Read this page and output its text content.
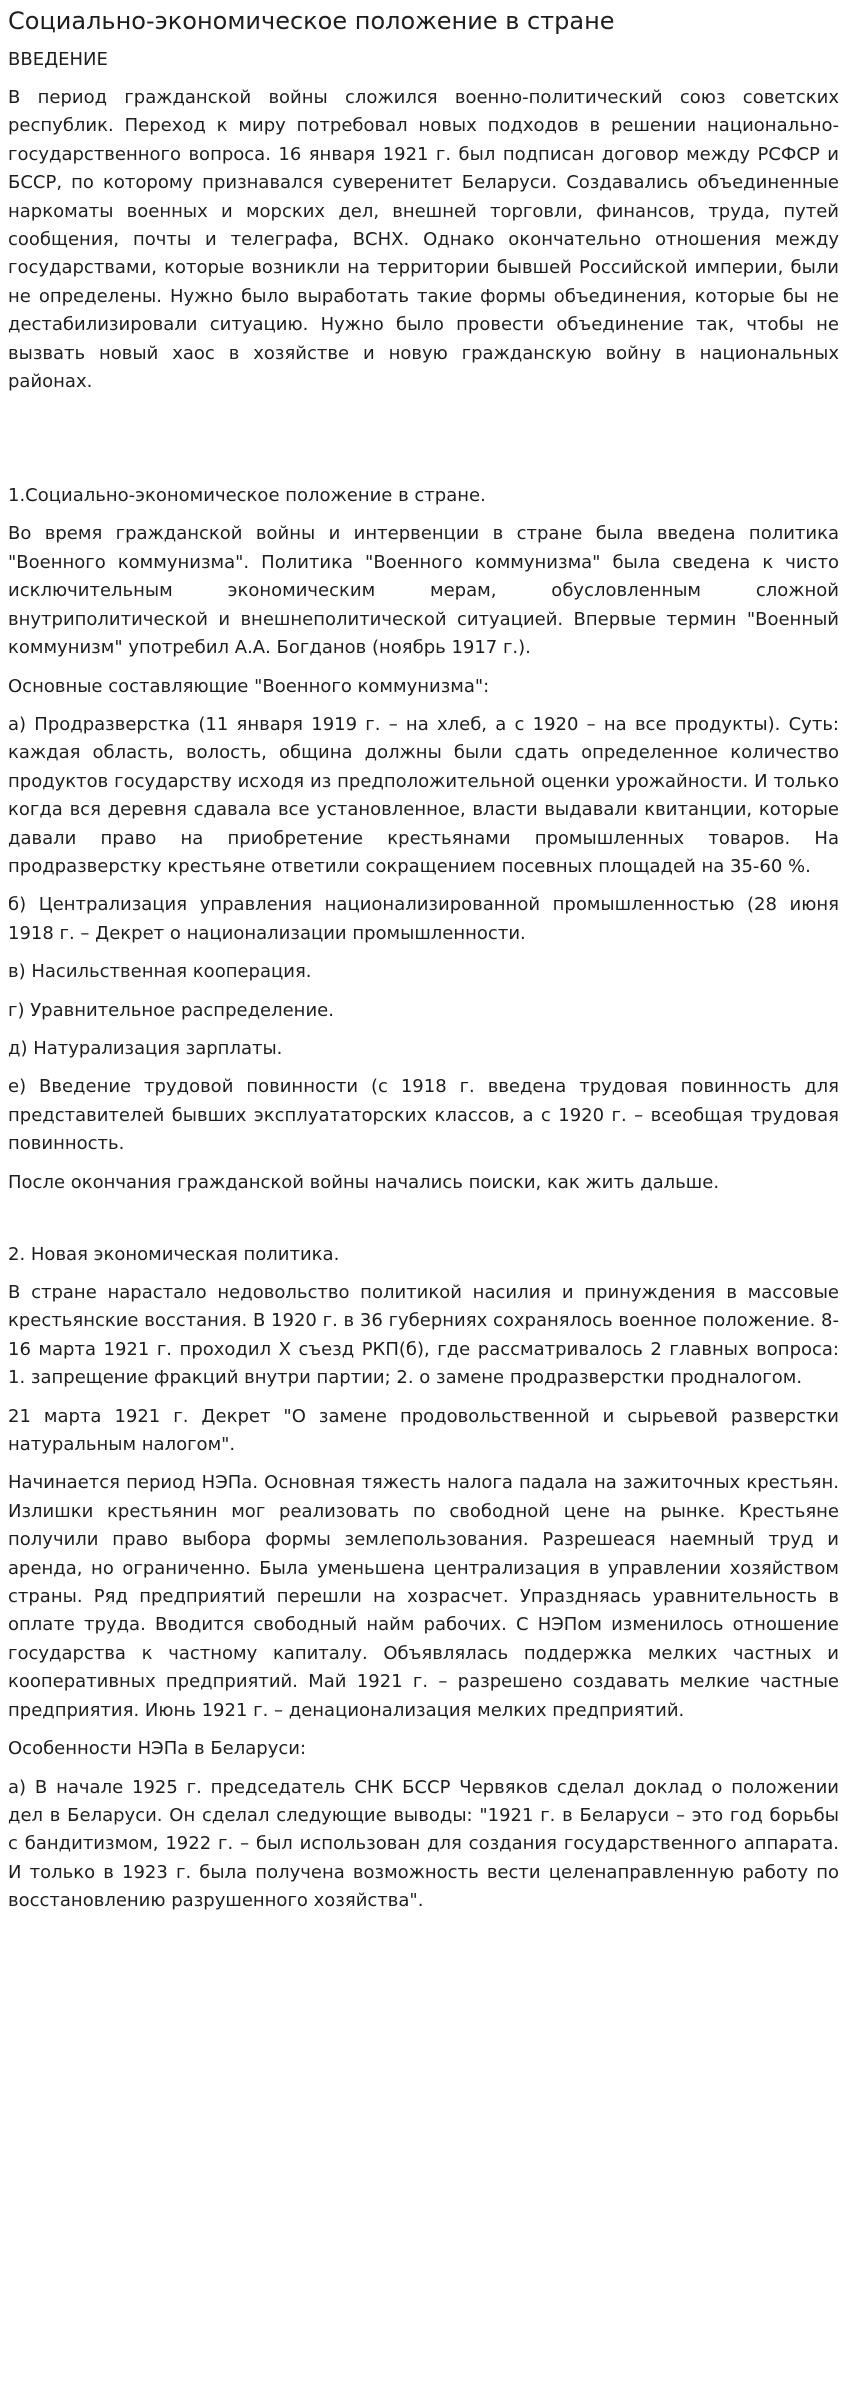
Социально-экономическое положение в стране
ВВЕДЕНИЕ

В период гражданской войны сложился военно-политический союз советских республик. Переход к миру потребовал новых подходов в решении национально-государственного вопроса. 16 января 1921 г. был подписан договор между РСФСР и БССР, по которому признавался суверенитет Беларуси. Создавались объединенные наркоматы военных и морских дел, внешней торговли, финансов, труда, путей сообщения, почты и телеграфа, ВСНХ. Однако окончательно отношения между государствами, которые возникли на территории бывшей Российской империи, были не определены. Нужно было выработать такие формы объединения, которые бы не дестабилизировали ситуацию. Нужно было провести объединение так, чтобы не вызвать новый хаос в хозяйстве и новую гражданскую войну в национальных районах.

1.Социально-экономическое положение в стране.

Во время гражданской войны и интервенции в стране была введена политика "Военного коммунизма". Политика "Военного коммунизма" была сведена к чисто исключительным экономическим мерам, обусловленным сложной внутриполитической и внешнеполитической ситуацией. Впервые термин "Военный коммунизм" употребил А.А. Богданов (ноябрь 1917 г.).

Основные составляющие "Военного коммунизма":

а) Продразверстка (11 января 1919 г. – на хлеб, а с 1920 – на все продукты). Суть: каждая область, волость, община должны были сдать определенное количество продуктов государству исходя из предположительной оценки урожайности. И только когда вся деревня сдавала все установленное, власти выдавали квитанции, которые давали право на приобретение крестьянами промышленных товаров. На продразверстку крестьяне ответили сокращением посевных площадей на 35-60 %.

б) Централизация управления национализированной промышленностью (28 июня 1918 г. – Декрет о национализации промышленности.

в) Насильственная кооперация.

г) Уравнительное распределение.

д) Натурализация зарплаты.

е) Введение трудовой повинности (с 1918 г. введена трудовая повинность для представителей бывших эксплуататорских классов, а с 1920 г. – всеобщая трудовая повинность.

После окончания гражданской войны начались поиски, как жить дальше.

2. Новая экономическая политика.

В стране нарастало недовольство политикой насилия и принуждения в массовые крестьянские восстания. В 1920 г. в 36 губерниях сохранялось военное положение. 8-16 марта 1921 г. проходил X съезд РКП(б), где рассматривалось 2 главных вопроса: 1. запрещение фракций внутри партии; 2. о замене продразверстки продналогом.

21 марта 1921 г. Декрет "О замене продовольственной и сырьевой разверстки натуральным налогом".

Начинается период НЭПа. Основная тяжесть налога падала на зажиточных крестьян. Излишки крестьянин мог реализовать по свободной цене на рынке. Крестьяне получили право выбора формы землепользования. Разрешеася наемный труд и аренда, но ограниченно. Была уменьшена централизация в управлении хозяйством страны. Ряд предприятий перешли на хозрасчет. Упраздняась уравнительность в оплате труда. Вводится свободный найм рабочих. С НЭПом изменилось отношение государства к частному капиталу. Объявлялась поддержка мелких частных и кооперативных предприятий. Май 1921 г. – разрешено создавать мелкие частные предприятия. Июнь 1921 г. – денационализация мелких предприятий.

Особенности НЭПа в Беларуси:

а) В начале 1925 г. председатель СНК БССР Червяков сделал доклад о положении дел в Беларуси. Он сделал следующие выводы: "1921 г. в Беларуси – это год борьбы с бандитизмом, 1922 г. – был использован для создания государственного аппарата. И только в 1923 г. была получена возможность вести целенаправленную работу по восстановлению разрушенного хозяйства".
